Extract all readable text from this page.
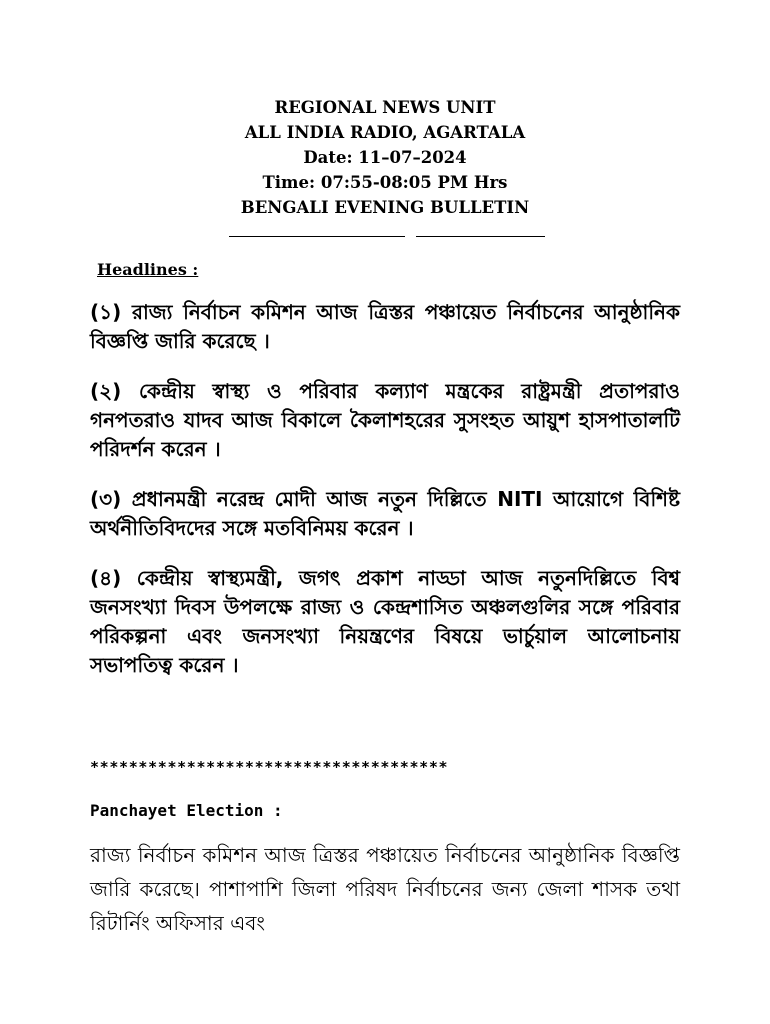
REGIONAL NEWS UNIT
ALL INDIA RADIO, AGARTALA
Date: 11–07–2024
Time: 07:55-08:05 PM Hrs
BENGALI EVENING BULLETIN
Headlines :
(১) রাজ্য নির্বাচন কমিশন আজ ত্রিস্তর পঞ্চায়েত নির্বাচনের আনুষ্ঠানিক বিজ্ঞপ্তি জারি করেছে ।
(২) কেন্দ্রীয় স্বাস্থ্য ও পরিবার কল্যাণ মন্ত্রকের রাষ্ট্রমন্ত্রী প্রতাপরাও গনপতরাও যাদব আজ বিকালে কৈলাশহরের সুসংহত আয়ুশ হাসপাতালটি পরিদর্শন করেন ।
(৩) প্রধানমন্ত্রী নরেন্দ্র মোদী আজ নতুন দিল্লিতে NITI আয়োগে বিশিষ্ট অর্থনীতিবিদদের সঙ্গে মতবিনিময় করেন ।
(৪) কেন্দ্রীয় স্বাস্থ্যমন্ত্রী, জগৎ প্রকাশ নাড্ডা আজ নতুনদিল্লিতে বিশ্ব জনসংখ্যা দিবস উপলক্ষে রাজ্য ও কেন্দ্রশাসিত অঞ্চলগুলির সঙ্গে পরিবার পরিকল্পনা এবং জনসংখ্যা নিয়ন্ত্রণের বিষয়ে ভার্চুয়াল আলোচনায় সভাপতিত্ব করেন ।
*************************************
Panchayet Election :
রাজ্য নির্বাচন কমিশন আজ ত্রিস্তর পঞ্চায়েত নির্বাচনের আনুষ্ঠানিক বিজ্ঞপ্তি জারি করেছে। পাশাপাশি জিলা পরিষদ নির্বাচনের জন্য জেলা শাসক তথা রিটার্নিং অফিসার এবং
